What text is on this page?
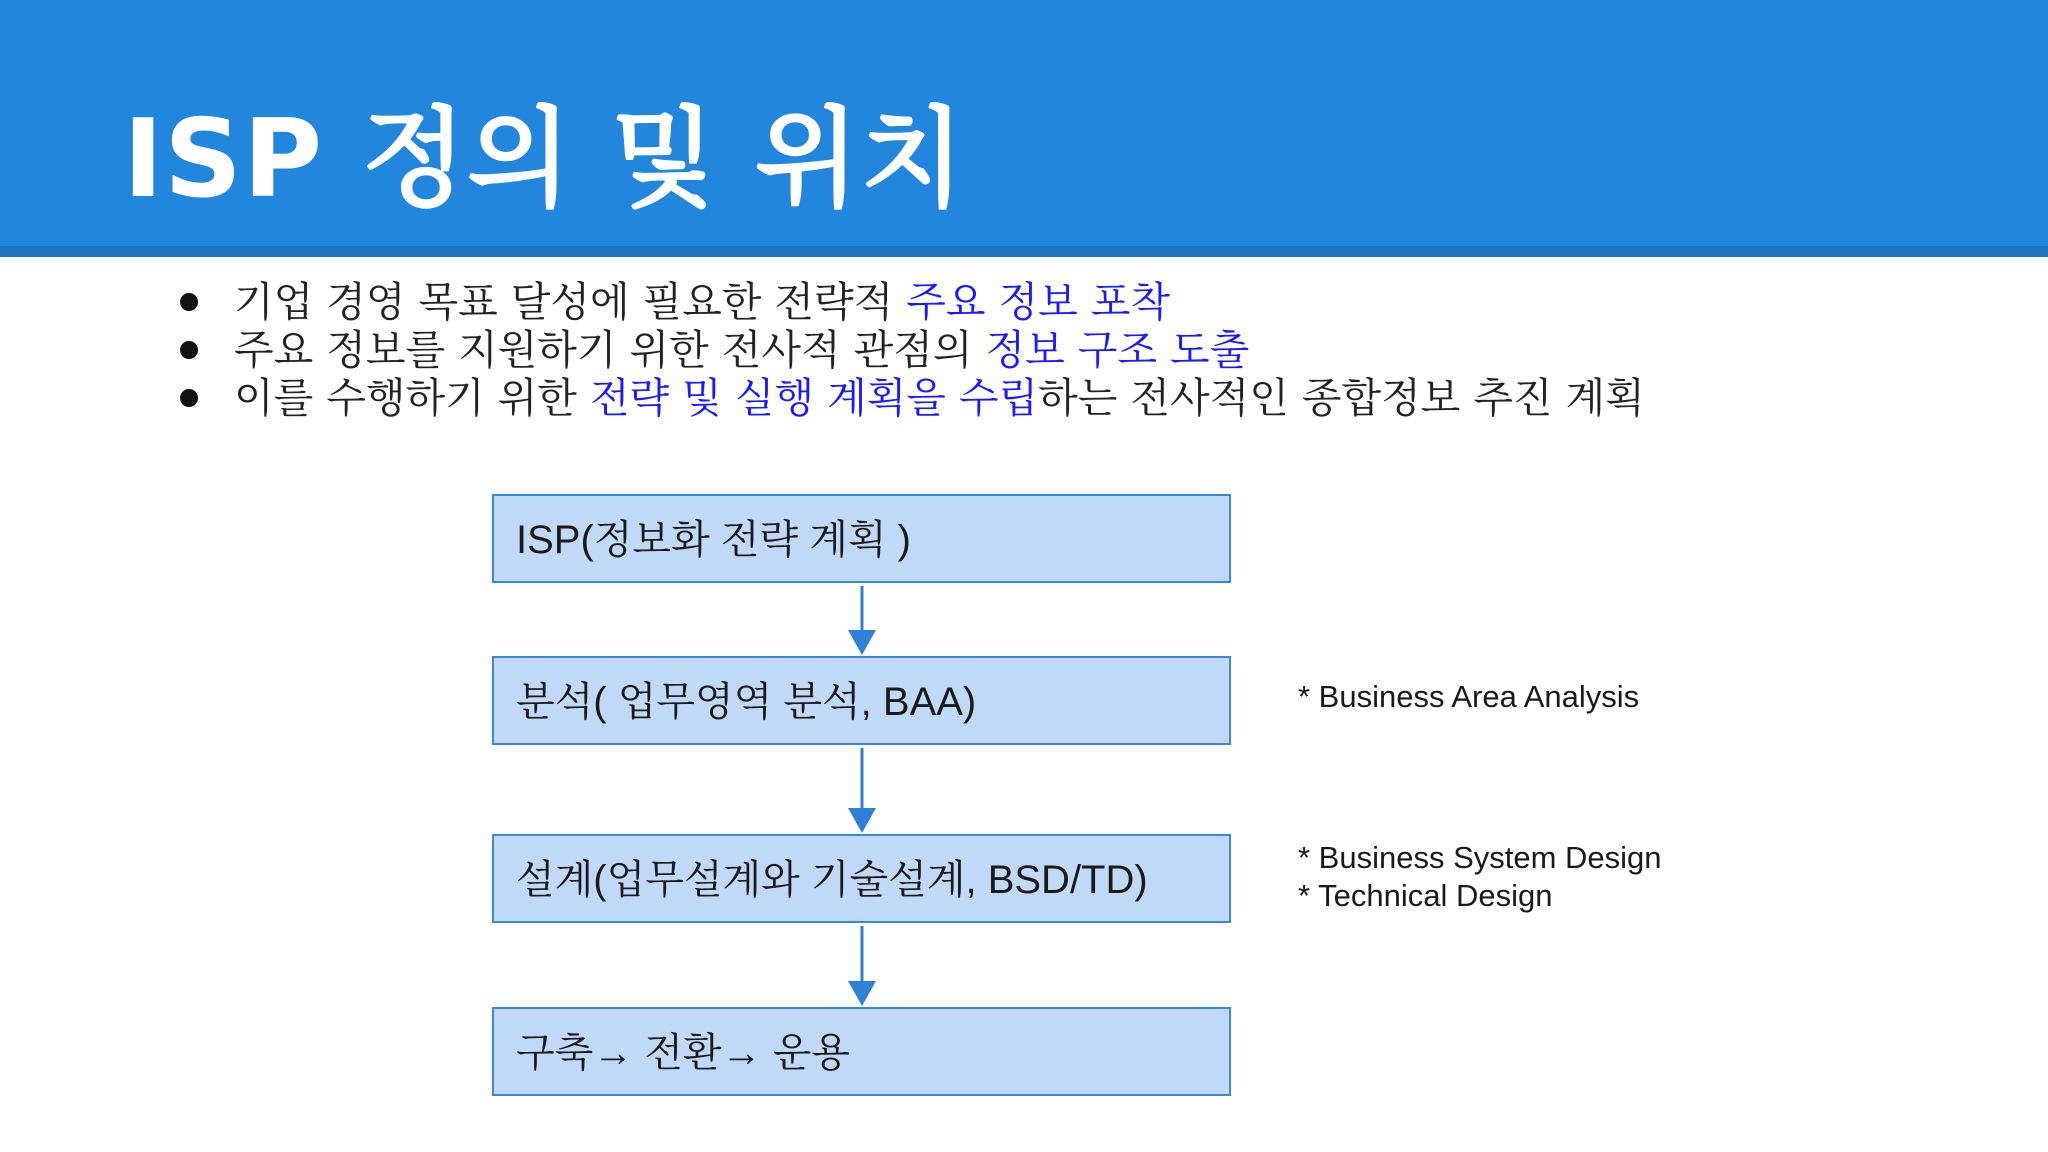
ISP 정의 및 위치
기업 경영 목표 달성에 필요한 전략적 주요 정보 포착
주요 정보를 지원하기 위한 전사적 관점의 정보 구조 도출
이를 수행하기 위한 전략 및 실행 계획을 수립하는 전사적인 종합정보 추진 계획
ISP(정보화 전략 계획 )
분석( 업무영역 분석, BAA)
설계(업무설계와 기술설계, BSD/TD)
구축→ 전환→ 운용
* Business Area Analysis
* Business System Design
* Technical Design
